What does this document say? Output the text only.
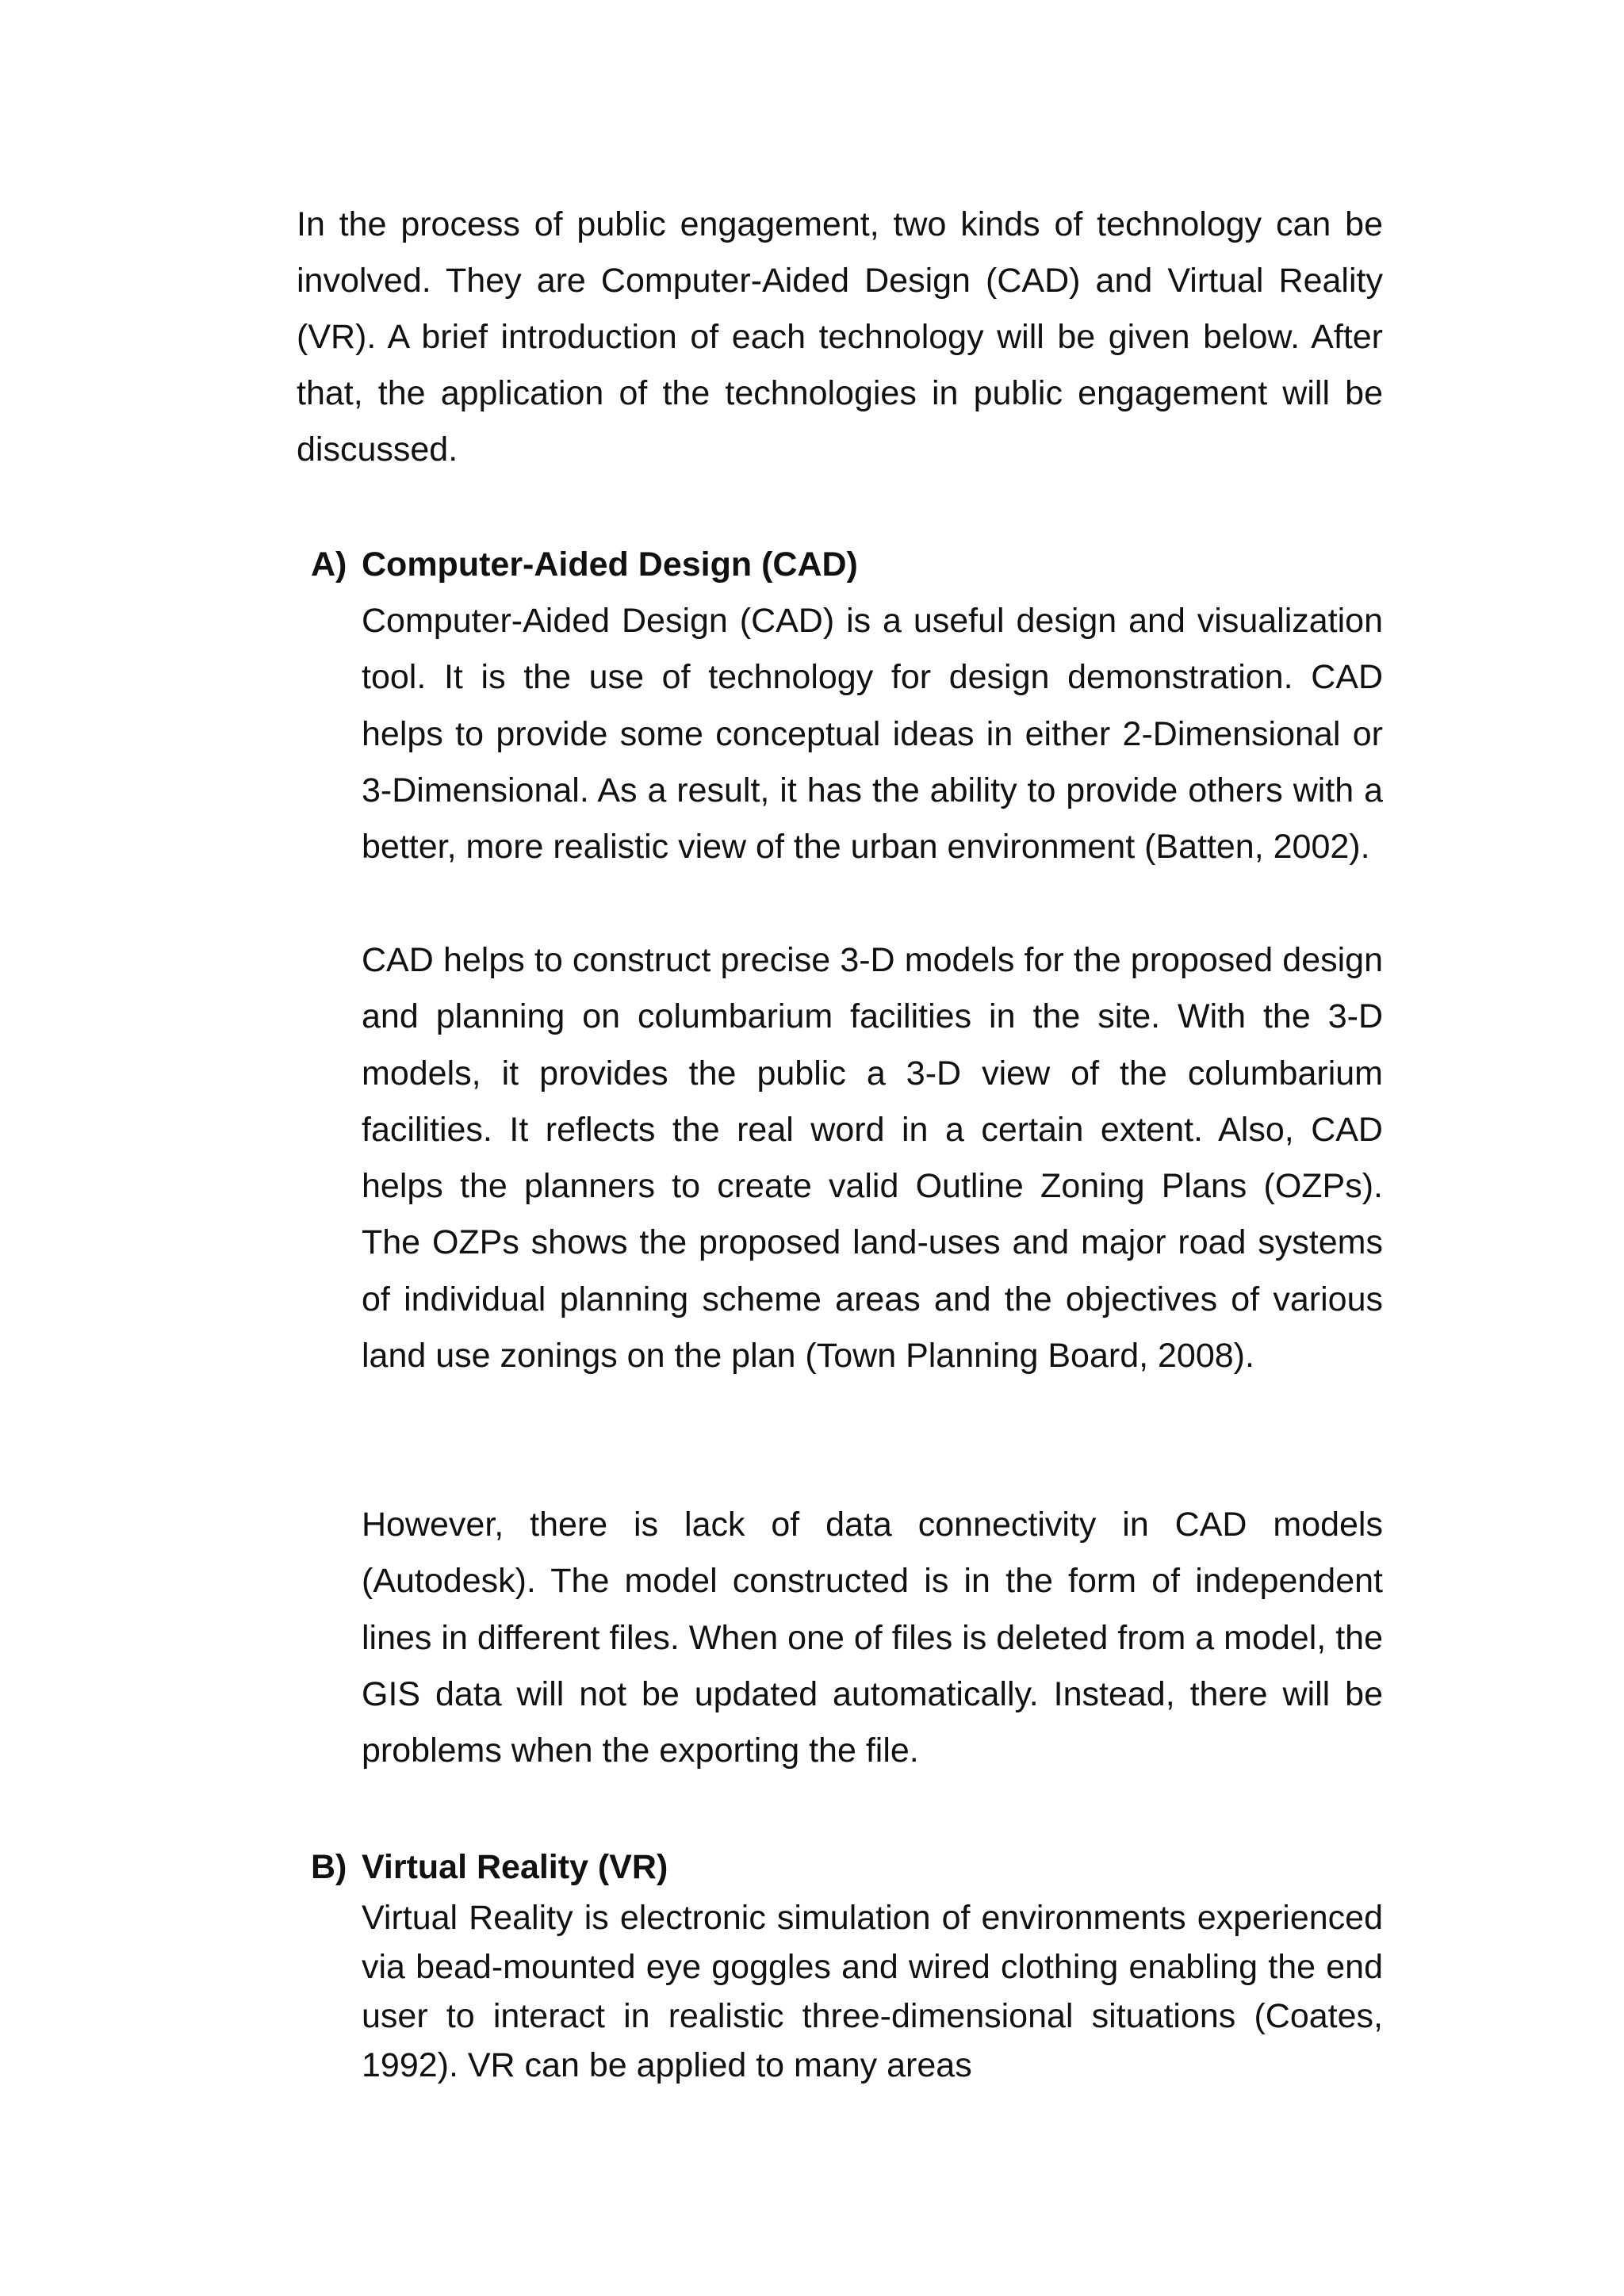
In the process of public engagement, two kinds of technology can be involved. They are Computer-Aided Design (CAD) and Virtual Reality (VR). A brief introduction of each technology will be given below. After that, the application of the technologies in public engagement will be discussed.

A) Computer-Aided Design (CAD)

Computer-Aided Design (CAD) is a useful design and visualization tool. It is the use of technology for design demonstration. CAD helps to provide some conceptual ideas in either 2-Dimensional or 3-Dimensional. As a result, it has the ability to provide others with a better, more realistic view of the urban environment (Batten, 2002).

CAD helps to construct precise 3-D models for the proposed design and planning on columbarium facilities in the site. With the 3-D models, it provides the public a 3-D view of the columbarium facilities. It reflects the real word in a certain extent. Also, CAD helps the planners to create valid Outline Zoning Plans (OZPs). The OZPs shows the proposed land-uses and major road systems of individual planning scheme areas and the objectives of various land use zonings on the plan (Town Planning Board, 2008).

However, there is lack of data connectivity in CAD models (Autodesk). The model constructed is in the form of independent lines in different files. When one of files is deleted from a model, the GIS data will not be updated automatically. Instead, there will be problems when the exporting the file.

B) Virtual Reality (VR)

Virtual Reality is electronic simulation of environments experienced via bead-mounted eye goggles and wired clothing enabling the end user to interact in realistic three-dimensional situations (Coates, 1992). VR can be applied to many areas
